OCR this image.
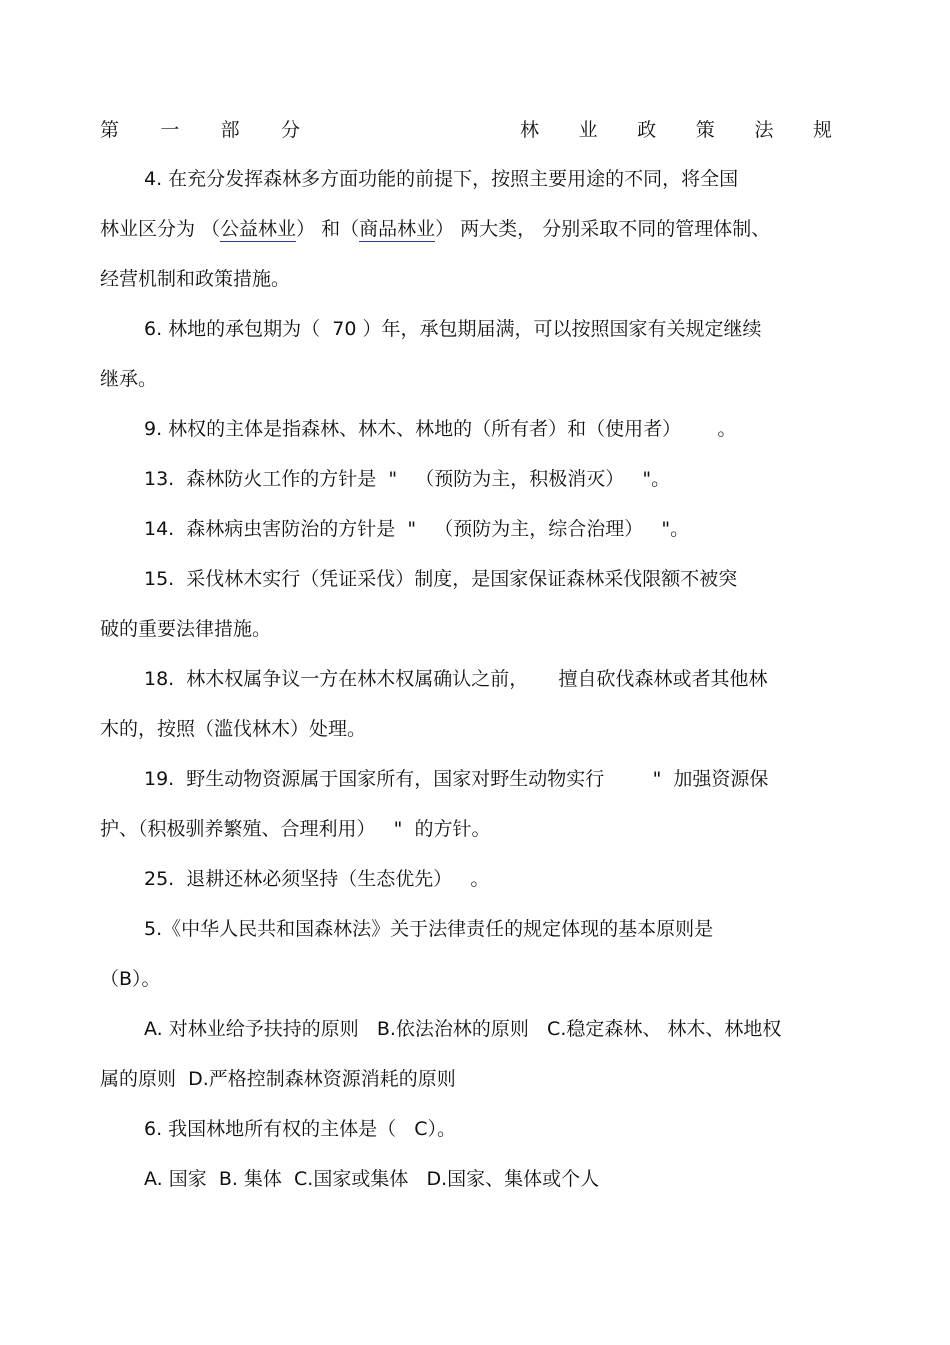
第 一 部 分	林 业 政 策 法 规
4. 在充分发挥森林多方面功能的前提下，按照主要用途的不同，将全国
林业区分为 （公益林业） 和（商品林业） 两大类， 分别采取不同的管理体制、
经营机制和政策措施。
6. 林地的承包期为（  70 ）年，承包期届满，可以按照国家有关规定继续
继承。
9. 林权的主体是指森林、林木、林地的（所有者）和（使用者）      。
13.  森林防火工作的方针是  "   （预防为主，积极消灭）   "。
14.  森林病虫害防治的方针是  "   （预防为主，综合治理）   "。
15.  采伐林木实行（凭证采伐）制度，是国家保证森林采伐限额不被突
破的重要法律措施。
18.  林木权属争议一方在林木权属确认之前，     擅自砍伐森林或者其他林
木的，按照（滥伐林木）处理。
19.  野生动物资源属于国家所有，国家对野生动物实行        "  加强资源保
护、（积极驯养繁殖、合理利用）   "  的方针。
25.  退耕还林必须坚持（生态优先）   。
5.《中华人民共和国森林法》关于法律责任的规定体现的基本原则是
（B）。
A. 对林业给予扶持的原则   B.依法治林的原则   C.稳定森林、 林木、林地权
属的原则  D.严格控制森林资源消耗的原则
6. 我国林地所有权的主体是（   C）。
A. 国家  B. 集体  C.国家或集体   D.国家、集体或个人
